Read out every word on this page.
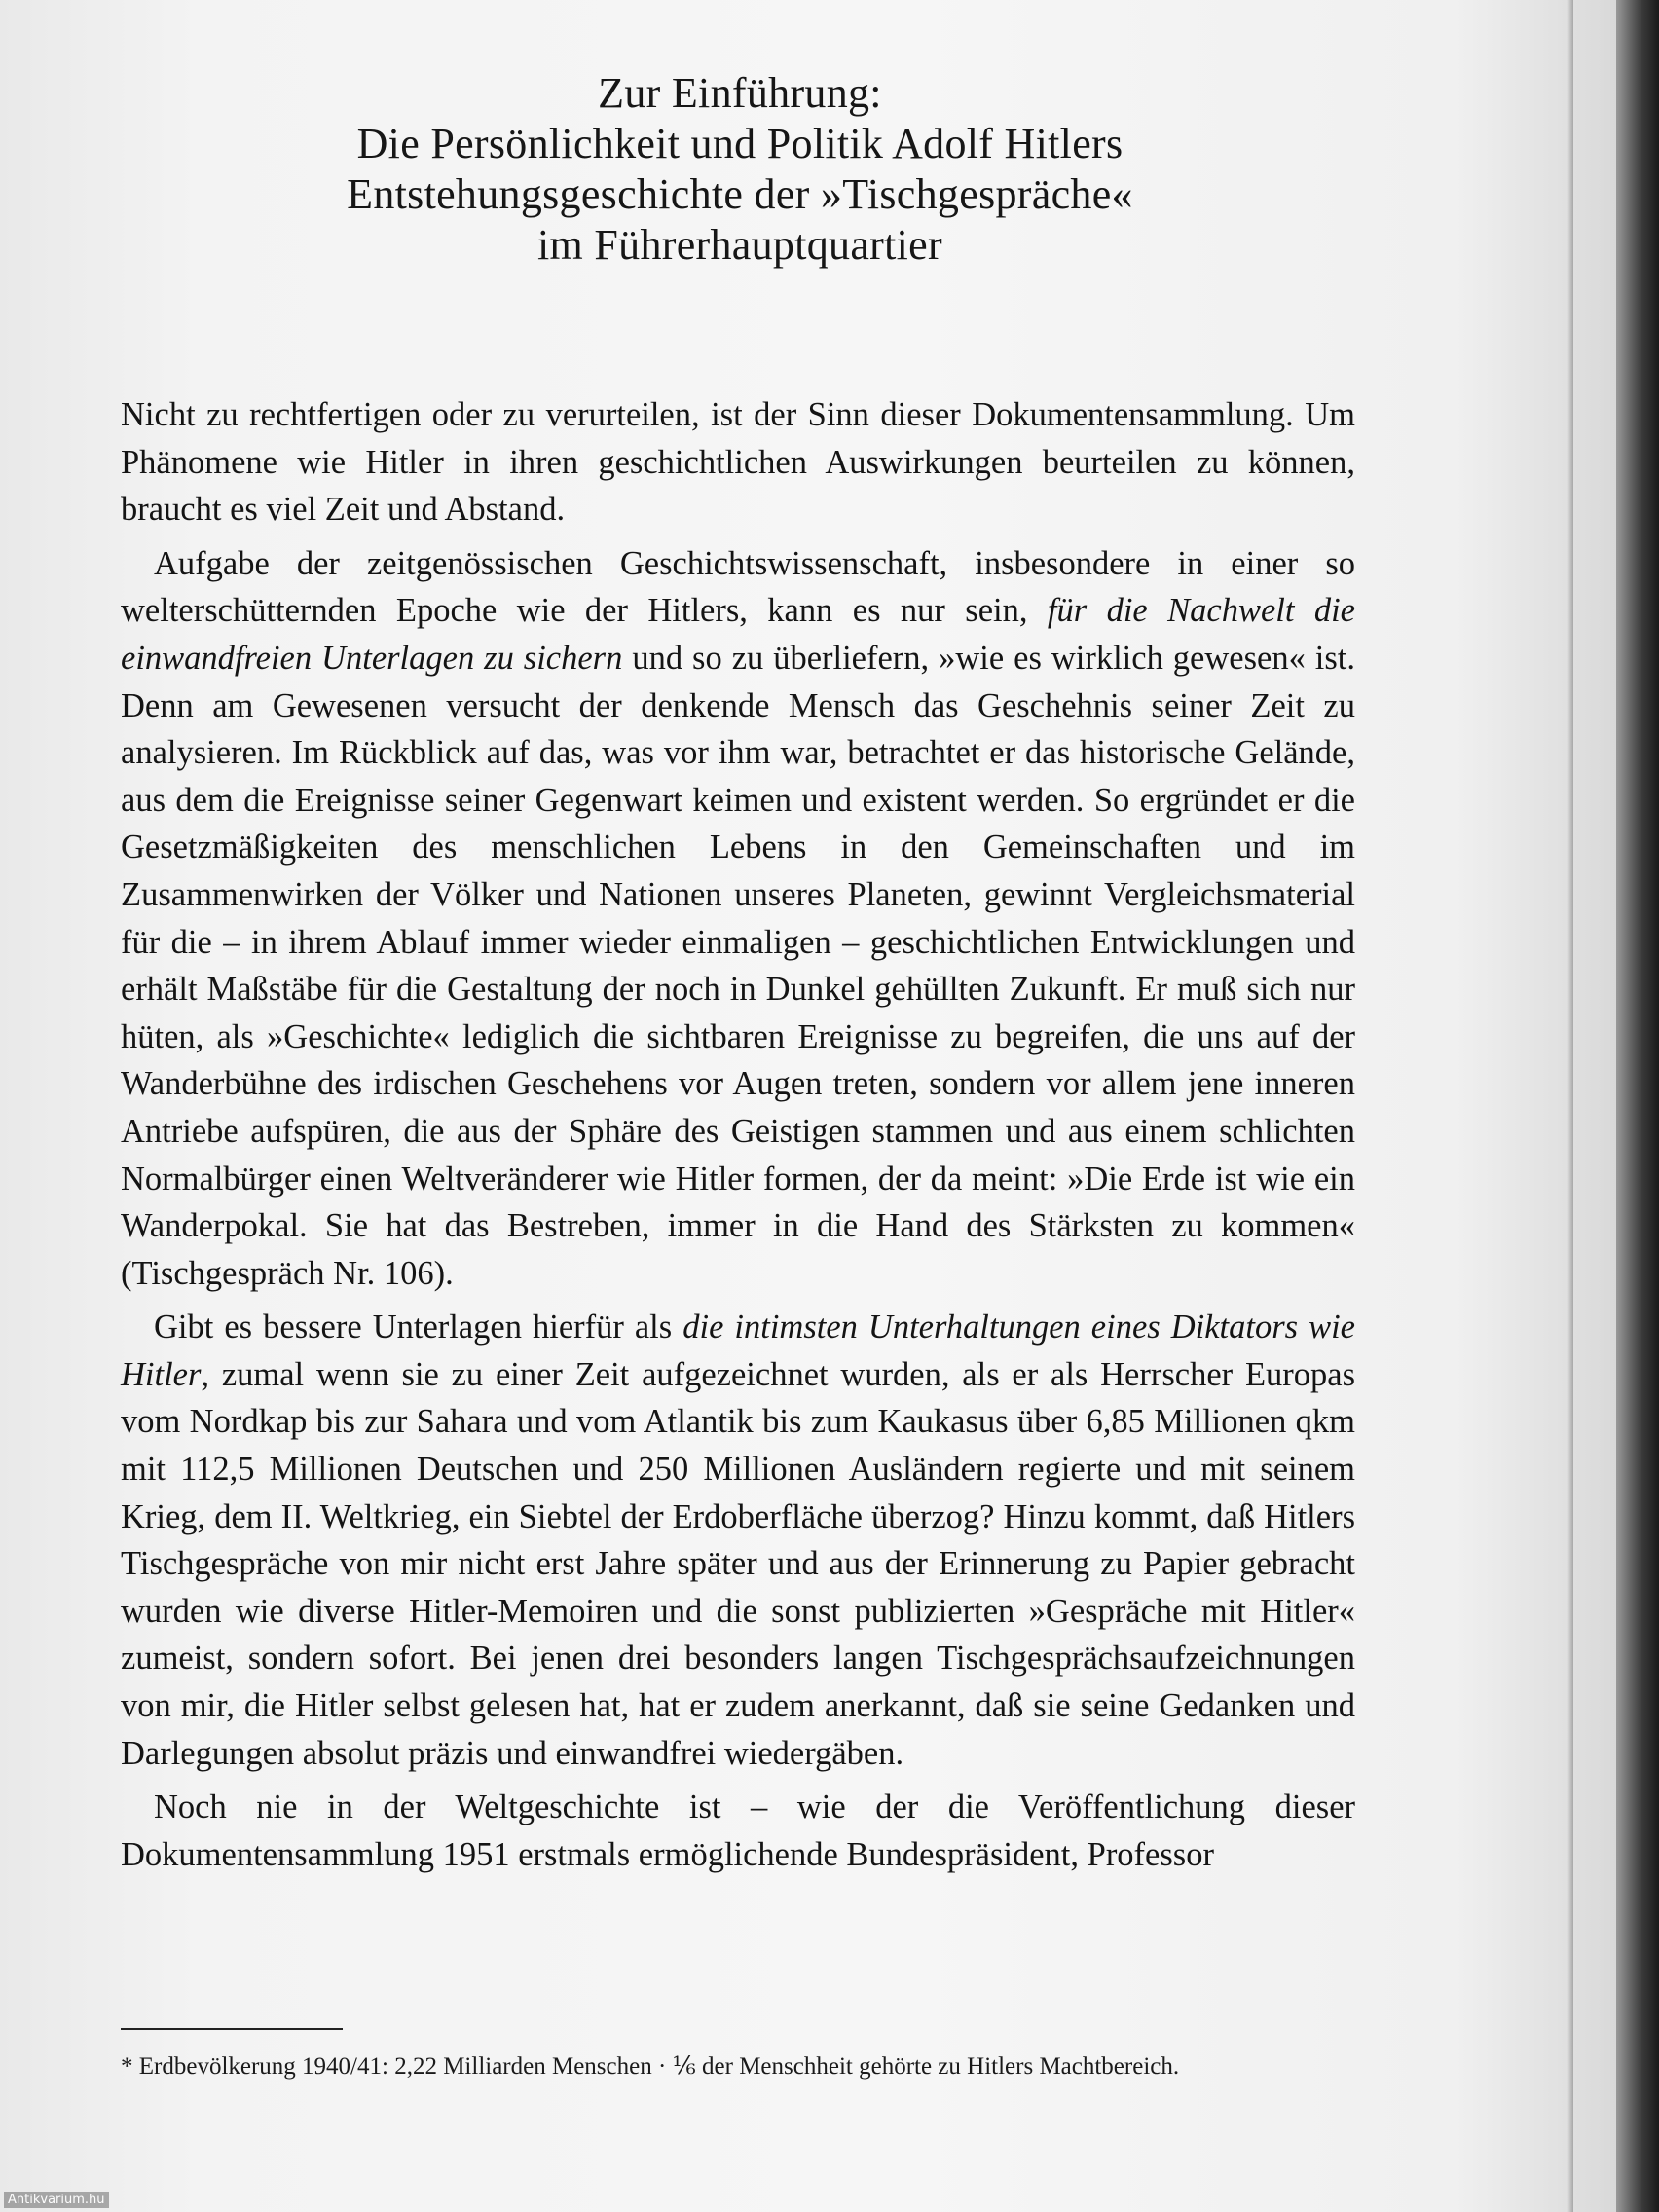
Zur Einführung:
Die Persönlichkeit und Politik Adolf Hitlers
Entstehungsgeschichte der »Tischgespräche«
im Führerhauptquartier

Nicht zu rechtfertigen oder zu verurteilen, ist der Sinn dieser Dokumentensammlung. Um Phänomene wie Hitler in ihren geschichtlichen Auswirkungen beurteilen zu können, braucht es viel Zeit und Abstand.

Aufgabe der zeitgenössischen Geschichtswissenschaft, insbesondere in einer so welterschütternden Epoche wie der Hitlers, kann es nur sein, für die Nachwelt die einwandfreien Unterlagen zu sichern und so zu überliefern, »wie es wirklich gewesen« ist. Denn am Gewesenen versucht der denkende Mensch das Geschehnis seiner Zeit zu analysieren. Im Rückblick auf das, was vor ihm war, betrachtet er das historische Gelände, aus dem die Ereignisse seiner Gegenwart keimen und existent werden. So ergründet er die Gesetzmäßigkeiten des menschlichen Lebens in den Gemeinschaften und im Zusammenwirken der Völker und Nationen unseres Planeten, gewinnt Vergleichsmaterial für die – in ihrem Ablauf immer wieder einmaligen – geschichtlichen Entwicklungen und erhält Maßstäbe für die Gestaltung der noch in Dunkel gehüllten Zukunft. Er muß sich nur hüten, als »Geschichte« lediglich die sichtbaren Ereignisse zu begreifen, die uns auf der Wanderbühne des irdischen Geschehens vor Augen treten, sondern vor allem jene inneren Antriebe aufspüren, die aus der Sphäre des Geistigen stammen und aus einem schlichten Normalbürger einen Weltveränderer wie Hitler formen, der da meint: »Die Erde ist wie ein Wanderpokal. Sie hat das Bestreben, immer in die Hand des Stärksten zu kommen« (Tischgespräch Nr. 106).

Gibt es bessere Unterlagen hierfür als die intimsten Unterhaltungen eines Diktators wie Hitler, zumal wenn sie zu einer Zeit aufgezeichnet wurden, als er als Herrscher Europas vom Nordkap bis zur Sahara und vom Atlantik bis zum Kaukasus über 6,85 Millionen qkm mit 112,5 Millionen Deutschen und 250 Millionen Ausländern regierte und mit seinem Krieg, dem II. Weltkrieg, ein Siebtel der Erdoberfläche überzog? Hinzu kommt, daß Hitlers Tischgespräche von mir nicht erst Jahre später und aus der Erinnerung zu Papier gebracht wurden wie diverse Hitler-Memoiren und die sonst publizierten »Gespräche mit Hitler« zumeist, sondern sofort. Bei jenen drei besonders langen Tischgesprächsaufzeichnungen von mir, die Hitler selbst gelesen hat, hat er zudem anerkannt, daß sie seine Gedanken und Darlegungen absolut präzis und einwandfrei wiedergäben.

Noch nie in der Weltgeschichte ist – wie der die Veröffentlichung dieser Dokumentensammlung 1951 erstmals ermöglichende Bundespräsident, Professor

* Erdbevölkerung 1940/41: 2,22 Milliarden Menschen · ⅙ der Menschheit gehörte zu Hitlers Machtbereich.
Antikvarium.hu
